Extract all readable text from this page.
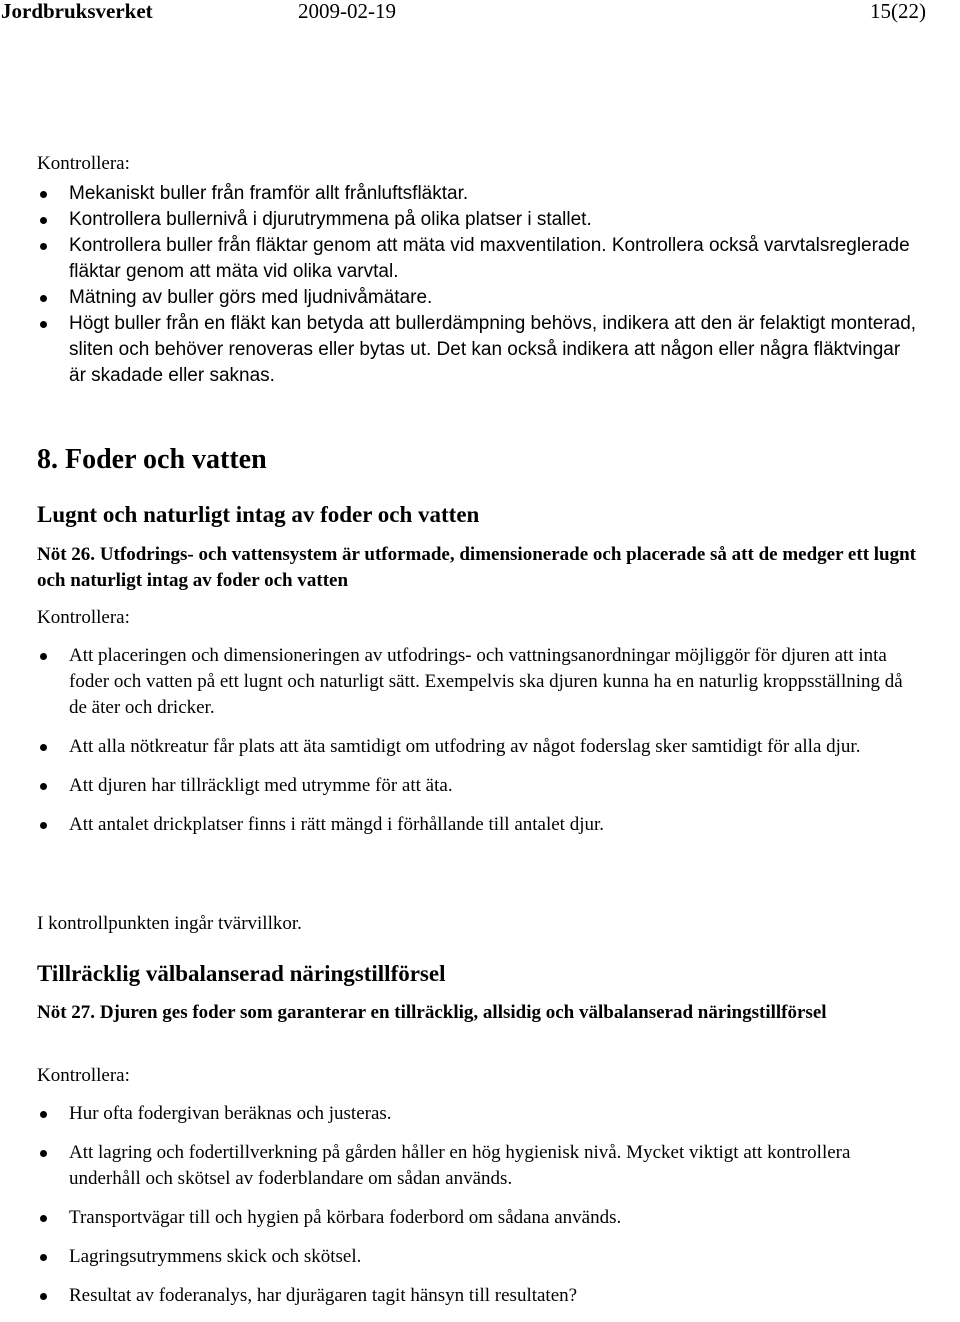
Jordbruksverket	2009-02-19	15(22)
Kontrollera:
Mekaniskt buller från framför allt frånluftsfläktar.
Kontrollera bullernivå i djurutrymmena på olika platser i stallet.
Kontrollera buller från fläktar genom att mäta vid maxventilation. Kontrollera också varvtalsreglerade fläktar genom att mäta vid olika varvtal.
Mätning av buller görs med ljudnivåmätare.
Högt buller från en fläkt kan betyda att bullerdämpning behövs, indikera att den är felaktigt monterad, sliten och behöver renoveras eller bytas ut. Det kan också indikera att någon eller några fläktvingar är skadade eller saknas.
8. Foder och vatten
Lugnt och naturligt intag av foder och vatten

Nöt 26. Utfodrings- och vattensystem är utformade, dimensionerade och placerade så att de medger ett lugnt och naturligt intag av foder och vatten

Kontrollera:
Att placeringen och dimensioneringen av utfodrings- och vattningsanordningar möjliggör för djuren att inta foder och vatten på ett lugnt och naturligt sätt. Exempelvis ska djuren kunna ha en naturlig kroppsställning då de äter och dricker.
Att alla nötkreatur får plats att äta samtidigt om utfodring av något foderslag sker samtidigt för alla djur.
Att djuren har tillräckligt med utrymme för att äta.
Att antalet drickplatser finns i rätt mängd i förhållande till antalet djur.
I kontrollpunkten ingår tvärvillkor.
Tillräcklig välbalanserad näringstillförsel

Nöt 27. Djuren ges foder som garanterar en tillräcklig, allsidig och välbalanserad näringstillförsel

Kontrollera:
Hur ofta fodergivan beräknas och justeras.
Att lagring och fodertillverkning på gården håller en hög hygienisk nivå. Mycket viktigt att kontrollera underhåll och skötsel av foderblandare om sådan används.
Transportvägar till och hygien på körbara foderbord om sådana används.
Lagringsutrymmens skick och skötsel.
Resultat av foderanalys, har djurägaren tagit hänsyn till resultaten?
